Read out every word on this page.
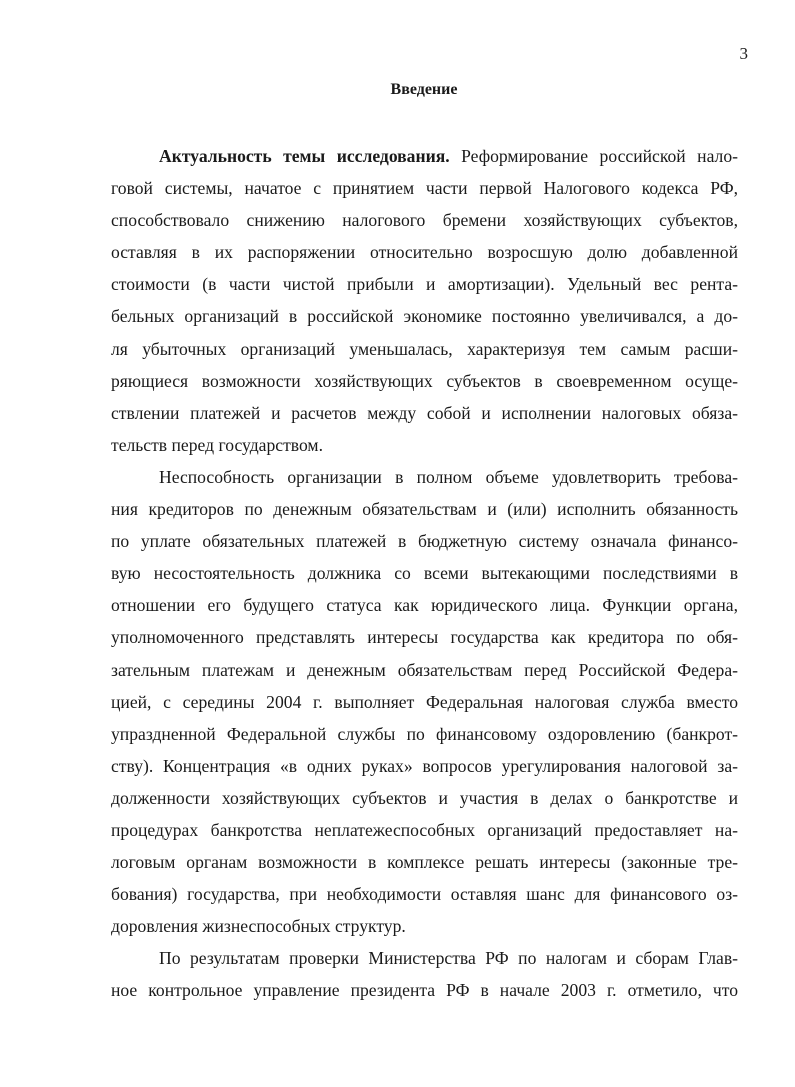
3
Введение
Актуальность темы исследования. Реформирование российской нало-
говой системы, начатое с принятием части первой Налогового кодекса РФ,
способствовало снижению налогового бремени хозяйствующих субъектов,
оставляя в их распоряжении относительно возросшую долю добавленной
стоимости (в части чистой прибыли и амортизации). Удельный вес рента-
бельных организаций в российской экономике постоянно увеличивался, а до-
ля убыточных организаций уменьшалась, характеризуя тем самым расши-
ряющиеся возможности хозяйствующих субъектов в своевременном осуще-
ствлении платежей и расчетов между собой и исполнении налоговых обяза-
тельств перед государством.
Неспособность организации в полном объеме удовлетворить требова-
ния кредиторов по денежным обязательствам и (или) исполнить обязанность
по уплате обязательных платежей в бюджетную систему означала финансо-
вую несостоятельность должника со всеми вытекающими последствиями в
отношении его будущего статуса как юридического лица. Функции органа,
уполномоченного представлять интересы государства как кредитора по обя-
зательным платежам и денежным обязательствам перед Российской Федера-
цией, с середины 2004 г. выполняет Федеральная налоговая служба вместо
упраздненной Федеральной службы по финансовому оздоровлению (банкрот-
ству). Концентрация «в одних руках» вопросов урегулирования налоговой за-
долженности хозяйствующих субъектов и участия в делах о банкротстве и
процедурах банкротства неплатежеспособных организаций предоставляет на-
логовым органам возможности в комплексе решать интересы (законные тре-
бования) государства, при необходимости оставляя шанс для финансового оз-
доровления жизнеспособных структур.
По результатам проверки Министерства РФ по налогам и сборам Глав-
ное контрольное управление президента РФ в начале 2003 г. отметило, что
